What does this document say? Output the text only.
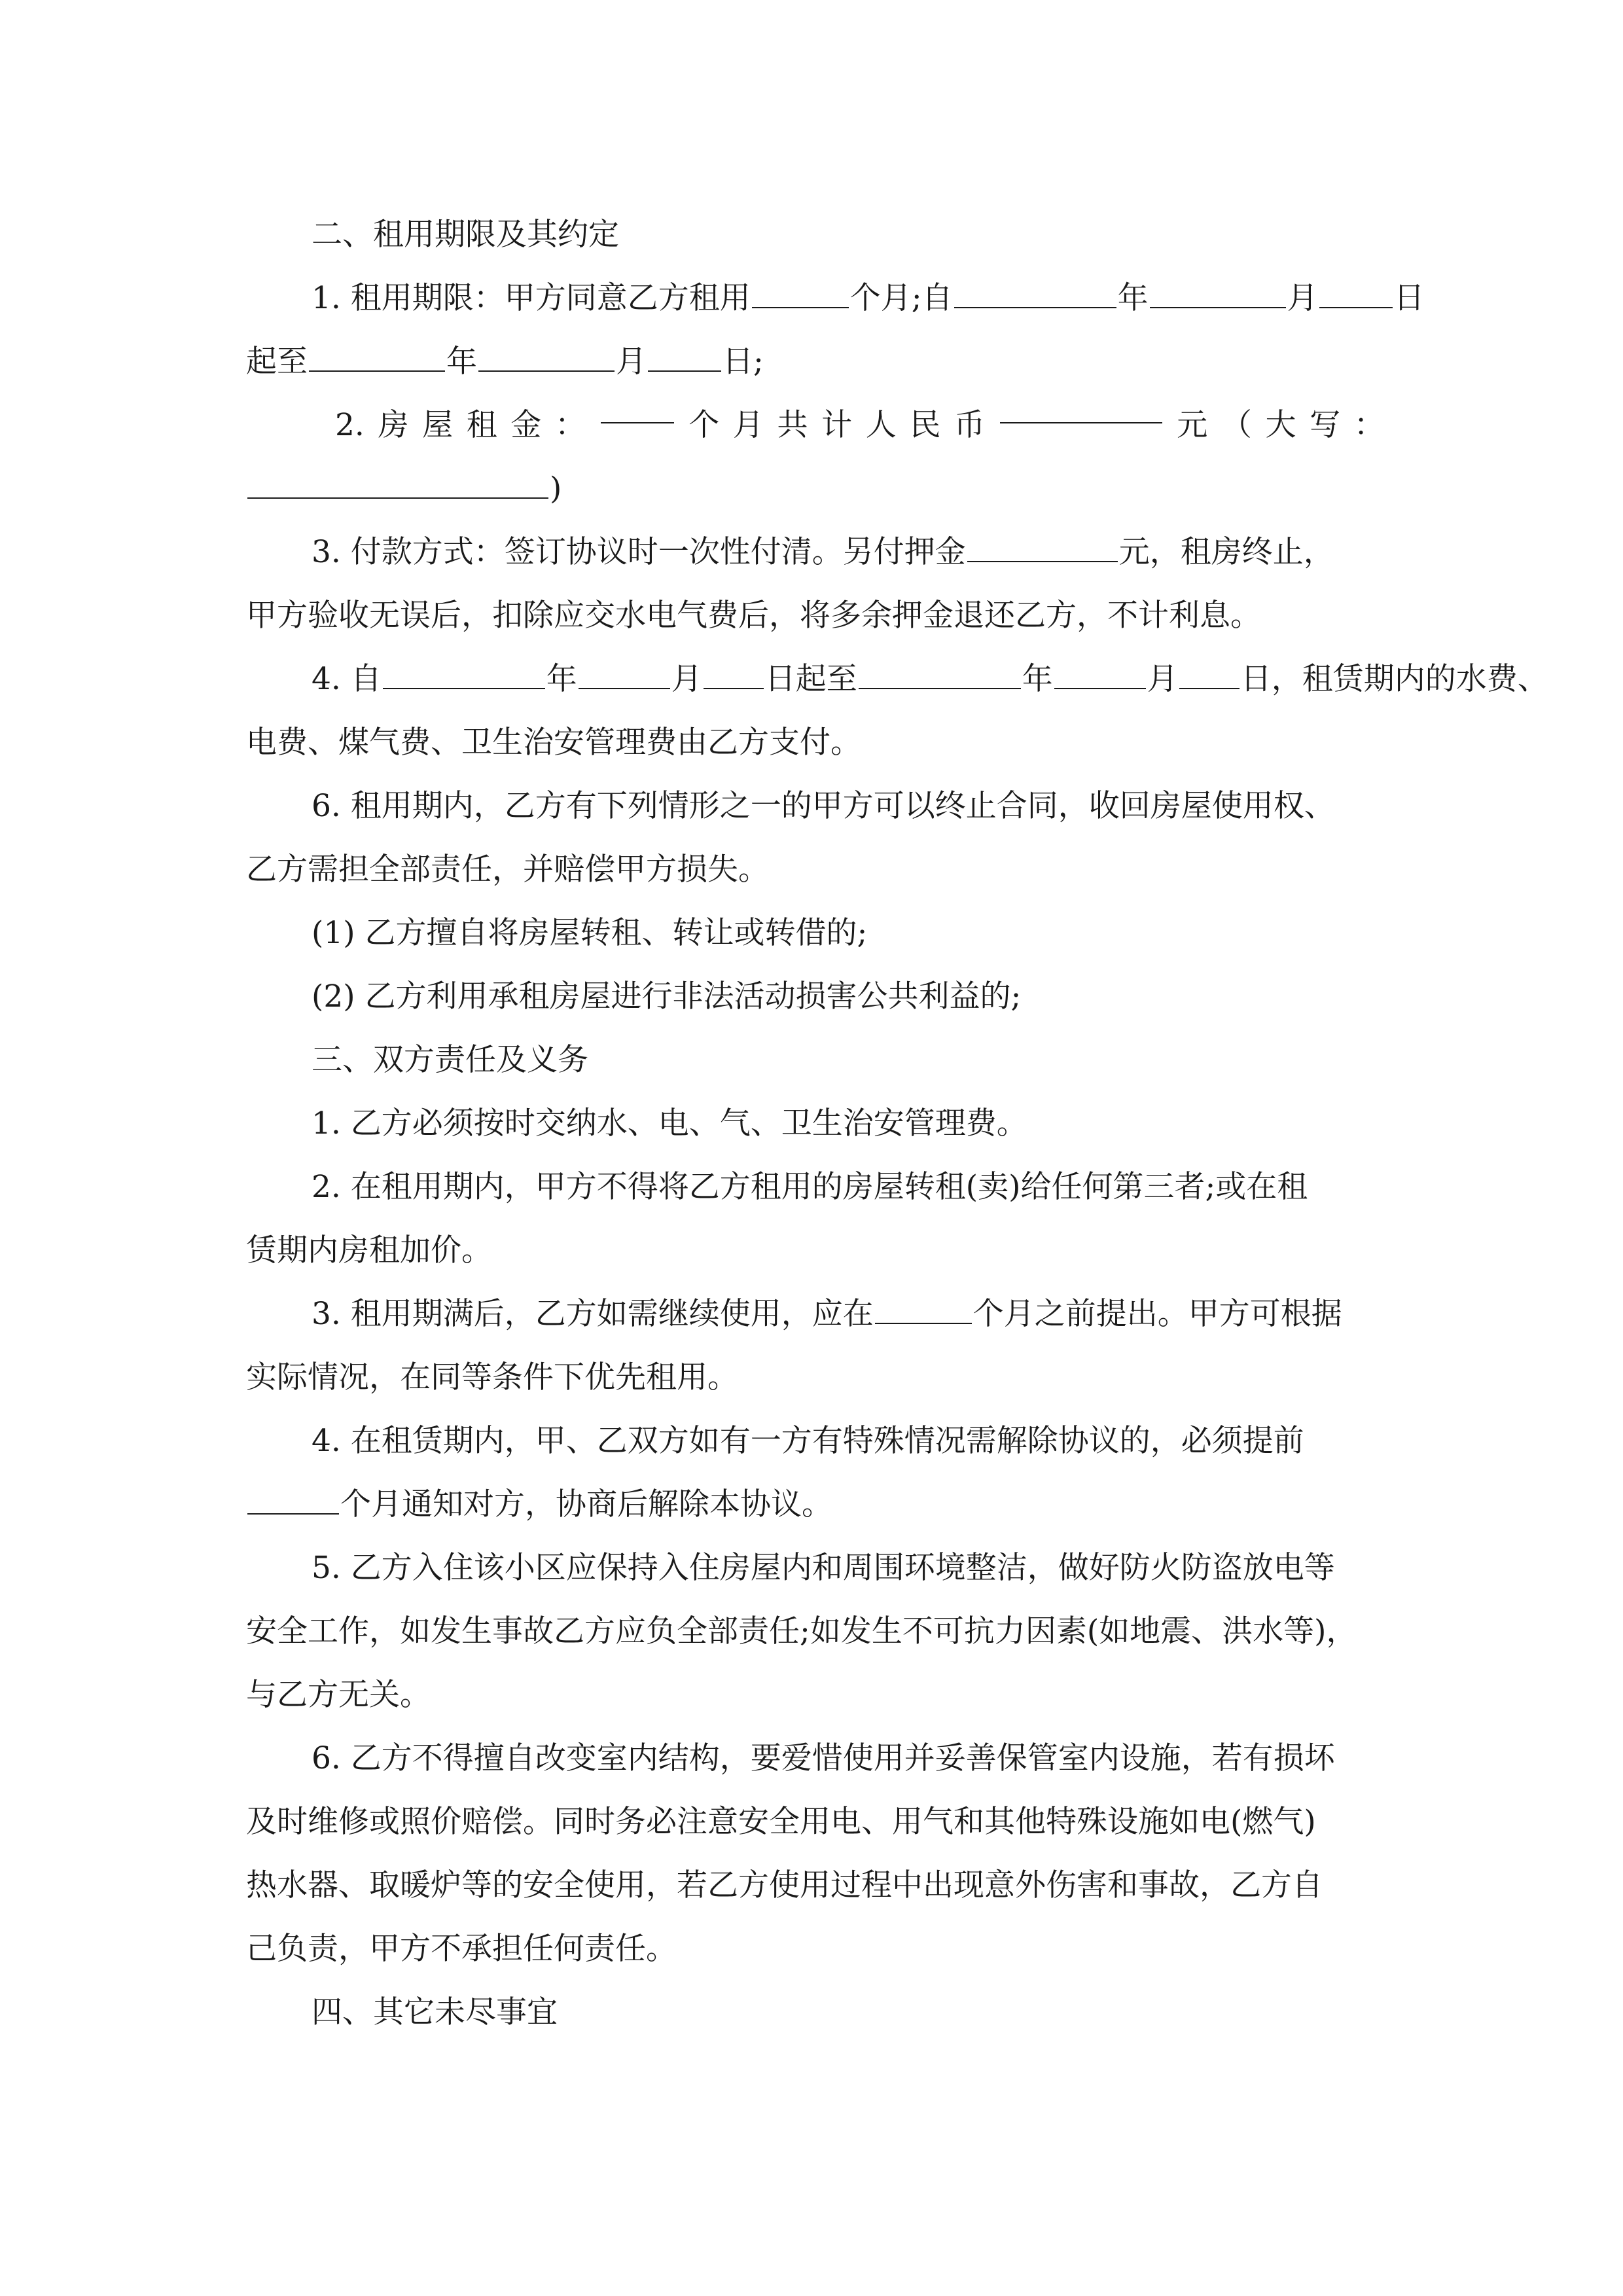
二、租用期限及其约定
1. 租用期限：甲方同意乙方租用	个月;自	年	月 日
起至	年	月 日;
2. 房 屋 租 金 ：	个 月 共 计 人 民 币	元 （ 大 写 ：
)
3. 付款方式：签订协议时一次性付清。另付押金	元，租房终止，
甲方验收无误后，扣除应交水电气费后，将多余押金退还乙方，不计利息。
4. 自	年	月 日起至	年	月 日，租赁期内的水费、
电费、煤气费、卫生治安管理费由乙方支付。
6. 租用期内，乙方有下列情形之一的甲方可以终止合同，收回房屋使用权、
乙方需担全部责任，并赔偿甲方损失。
(1) 乙方擅自将房屋转租、转让或转借的;
(2) 乙方利用承租房屋进行非法活动损害公共利益的;
三、双方责任及义务
1. 乙方必须按时交纳水、电、气、卫生治安管理费。
2. 在租用期内，甲方不得将乙方租用的房屋转租(卖)给任何第三者;或在租
赁期内房租加价。
3. 租用期满后，乙方如需继续使用，应在	个月之前提出。甲方可根据
实际情况，在同等条件下优先租用。
4. 在租赁期内，甲、乙双方如有一方有特殊情况需解除协议的，必须提前
个月通知对方，协商后解除本协议。
5. 乙方入住该小区应保持入住房屋内和周围环境整洁，做好防火防盗放电等
安全工作，如发生事故乙方应负全部责任;如发生不可抗力因素(如地震、洪水等)，
与乙方无关。
6. 乙方不得擅自改变室内结构，要爱惜使用并妥善保管室内设施，若有损坏
及时维修或照价赔偿。同时务必注意安全用电、用气和其他特殊设施如电(燃气)
热水器、取暖炉等的安全使用，若乙方使用过程中出现意外伤害和事故，乙方自
己负责，甲方不承担任何责任。
四、其它未尽事宜
